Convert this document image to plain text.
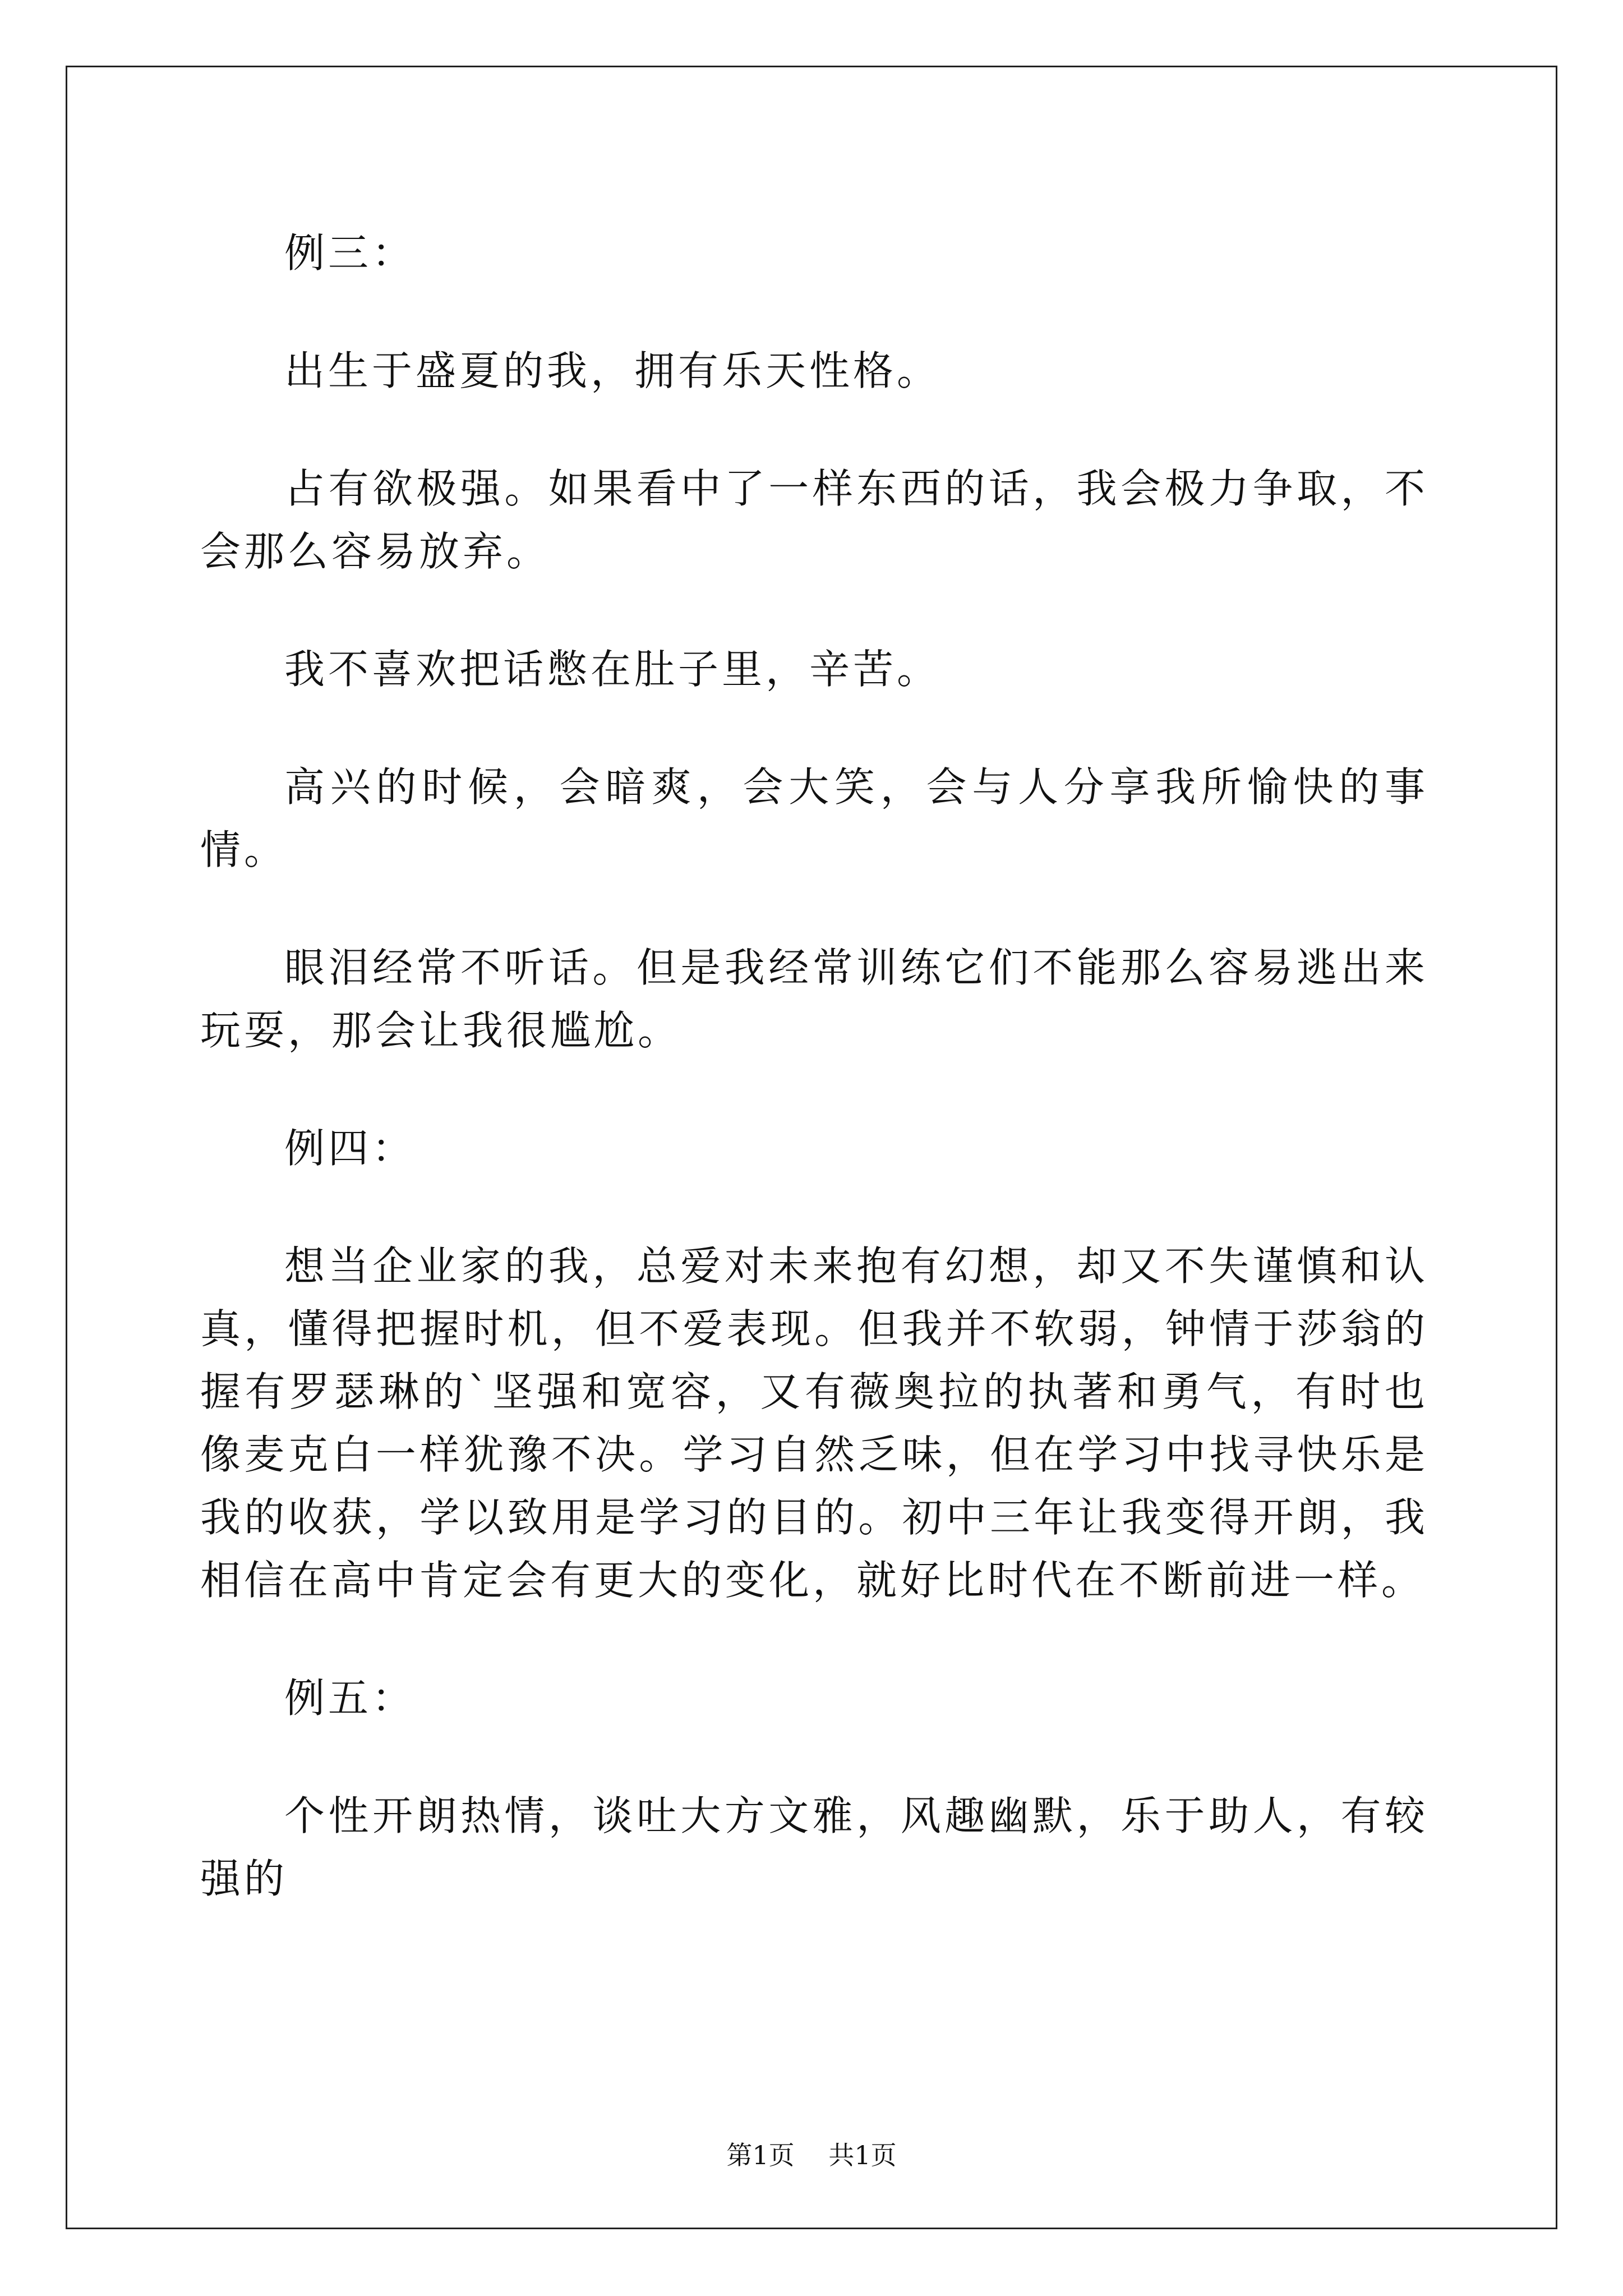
例三：

出生于盛夏的我，拥有乐天性格。

占有欲极强。如果看中了一样东西的话，我会极力争取，不会那么容易放弃。

我不喜欢把话憋在肚子里，辛苦。

高兴的时候，会暗爽，会大笑，会与人分享我所愉快的事情。

眼泪经常不听话。但是我经常训练它们不能那么容易逃出来玩耍，那会让我很尴尬。

例四：

想当企业家的我，总爱对未来抱有幻想，却又不失谨慎和认真，懂得把握时机，但不爱表现。但我并不软弱，钟情于莎翁的握有罗瑟琳的`坚强和宽容，又有薇奥拉的执著和勇气，有时也像麦克白一样犹豫不决。学习自然乏味，但在学习中找寻快乐是我的收获，学以致用是学习的目的。初中三年让我变得开朗，我相信在高中肯定会有更大的变化，就好比时代在不断前进一样。

例五：

个性开朗热情，谈吐大方文雅，风趣幽默，乐于助人，有较强的

第1页 共1页
